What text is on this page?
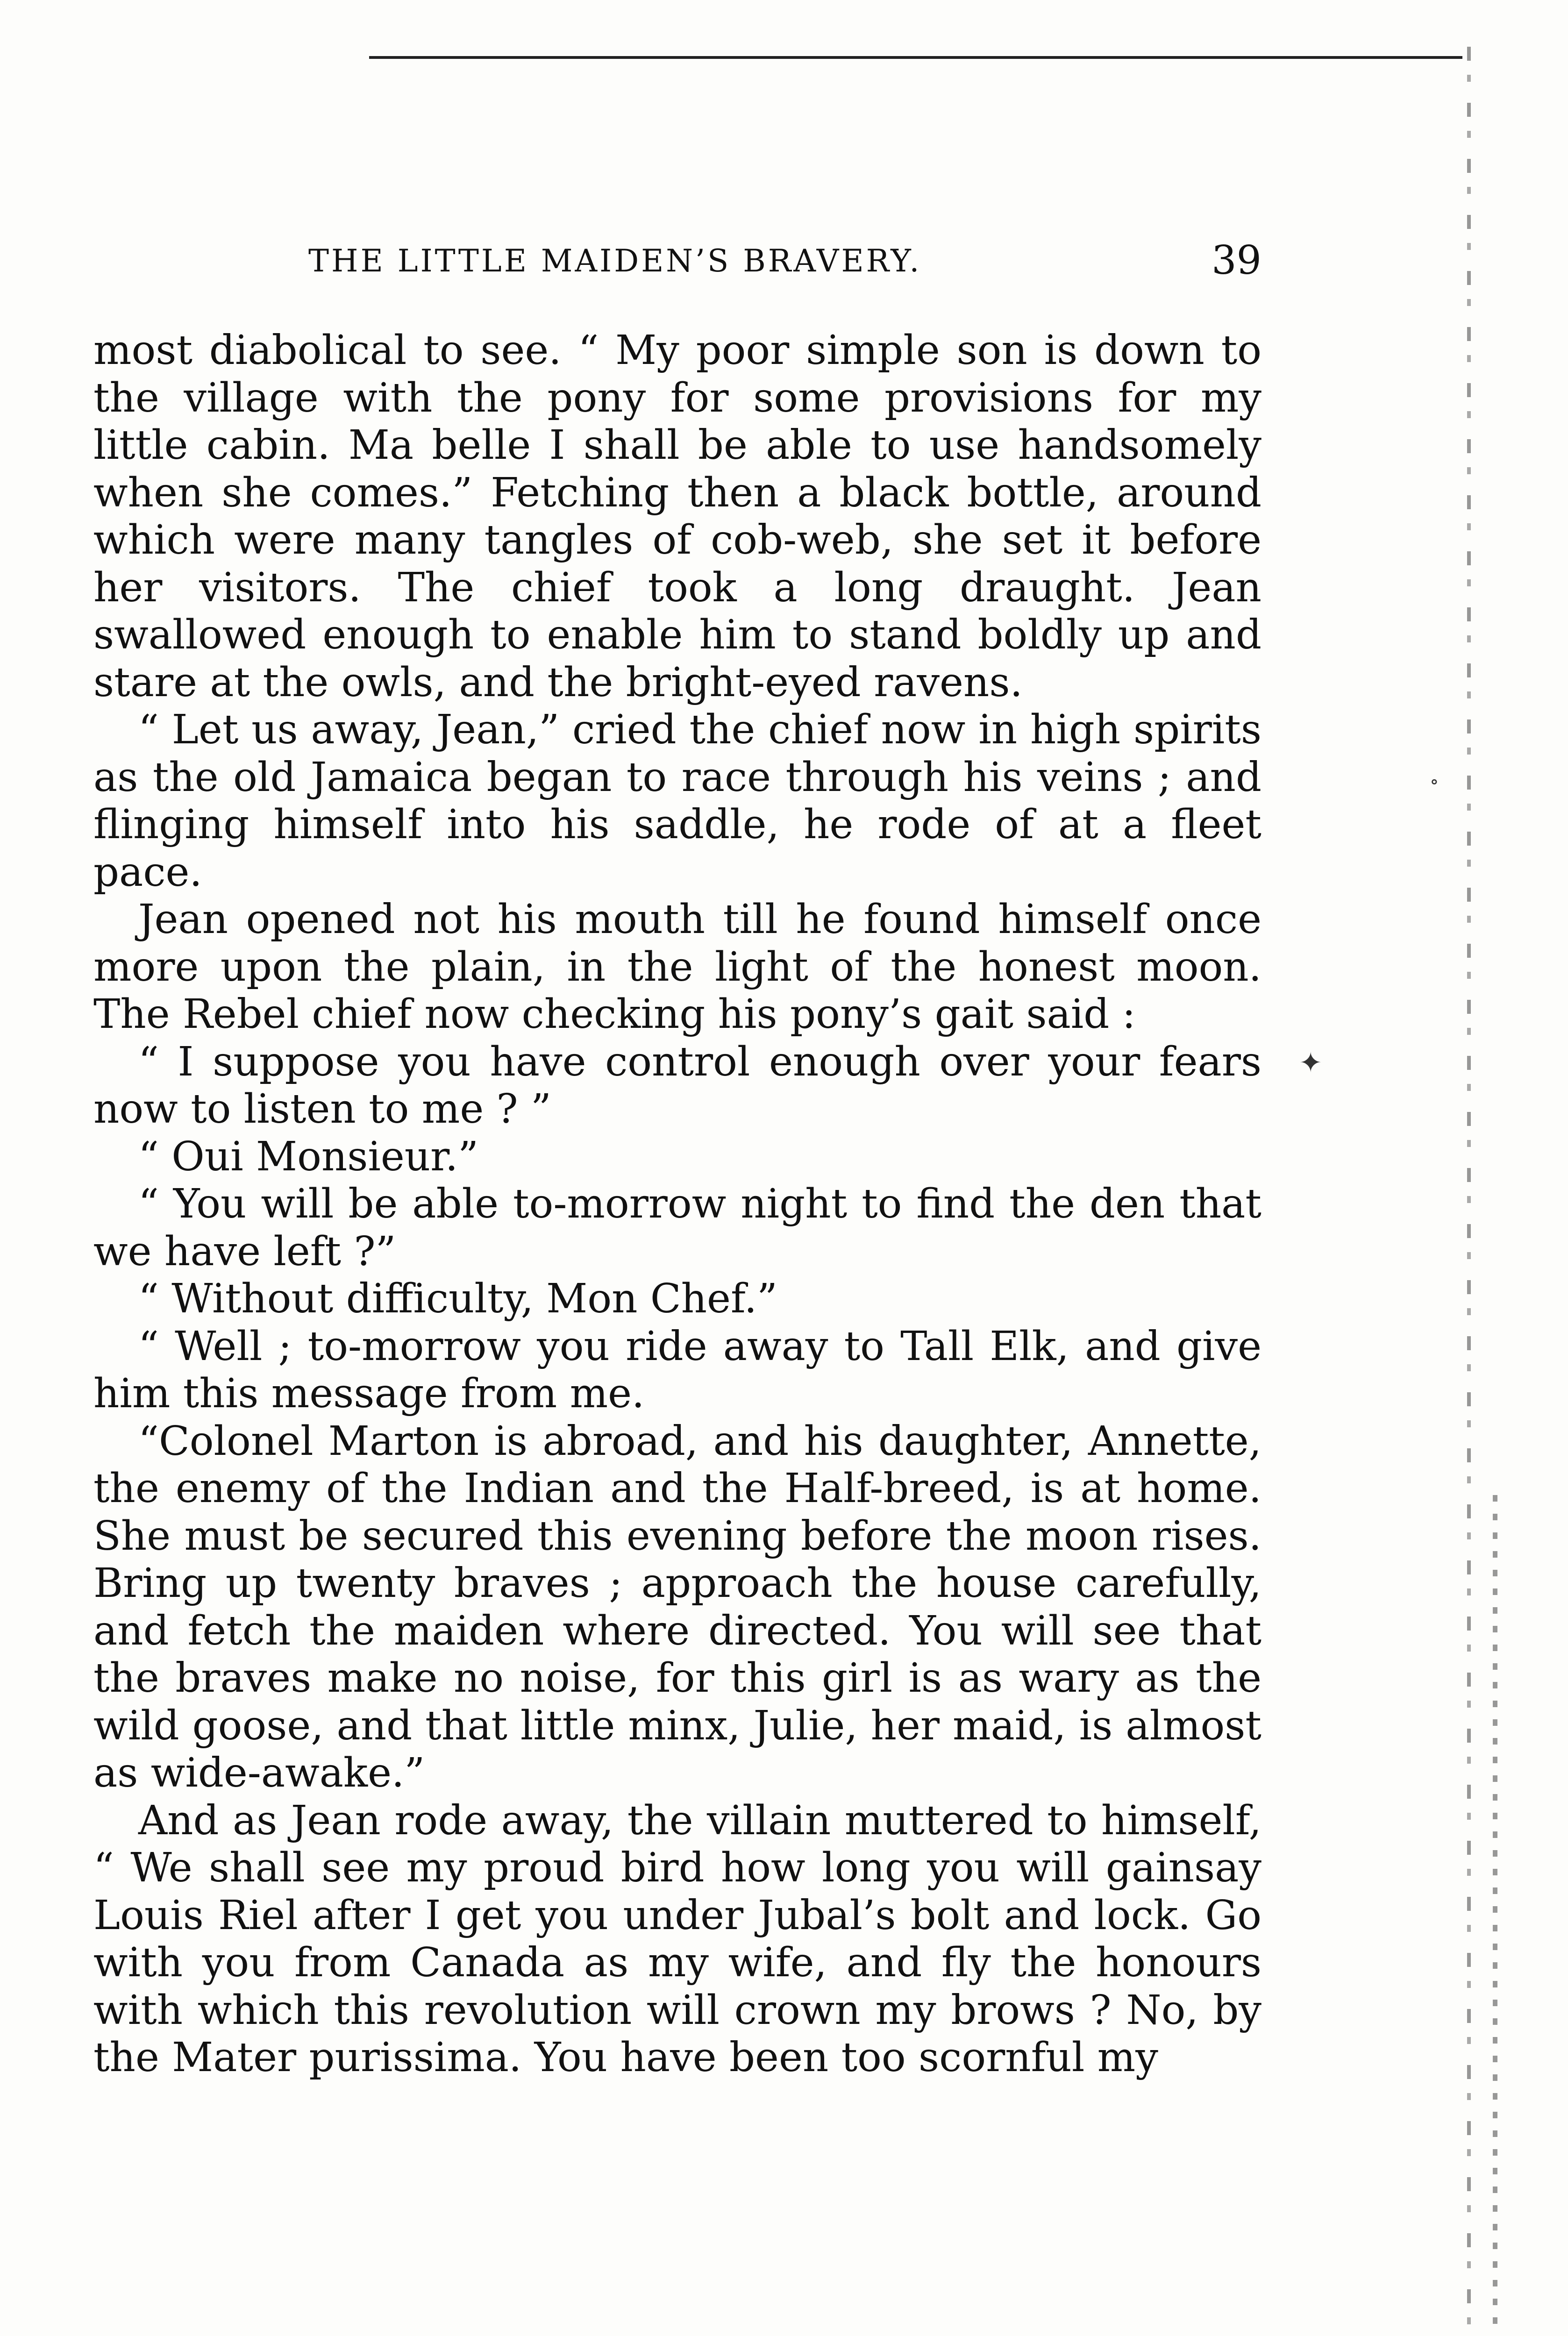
✦
∘
THE LITTLE MAIDEN’S BRAVERY.	39

most diabolical to see. “ My poor simple son is down to the village with the pony for some provisions for my little cabin. Ma belle I shall be able to use handsomely when she comes.” Fetching then a black bottle, around which were many tangles of cob-web, she set it before her visitors. The chief took a long draught. Jean swallowed enough to enable him to stand boldly up and stare at the owls, and the bright-eyed ravens.

“ Let us away, Jean,” cried the chief now in high spirits as the old Jamaica began to race through his veins ; and flinging himself into his saddle, he rode of at a fleet pace.

Jean opened not his mouth till he found himself once more upon the plain, in the light of the honest moon. The Rebel chief now checking his pony’s gait said :

“ I suppose you have control enough over your fears now to listen to me ? ”

“ Oui Monsieur.”

“ You will be able to-morrow night to find the den that we have left ?”

“ Without difficulty, Mon Chef.”

“ Well ; to-morrow you ride away to Tall Elk, and give him this message from me.

“Colonel Marton is abroad, and his daughter, Annette, the enemy of the Indian and the Half-breed, is at home. She must be secured this evening before the moon rises. Bring up twenty braves ; approach the house carefully, and fetch the maiden where directed. You will see that the braves make no noise, for this girl is as wary as the wild goose, and that little minx, Julie, her maid, is almost as wide-awake.”

And as Jean rode away, the villain muttered to himself, “ We shall see my proud bird how long you will gainsay Louis Riel after I get you under Jubal’s bolt and lock. Go with you from Canada as my wife, and fly the honours with which this revolution will crown my brows ? No, by the Mater purissima. You have been too scornful my
